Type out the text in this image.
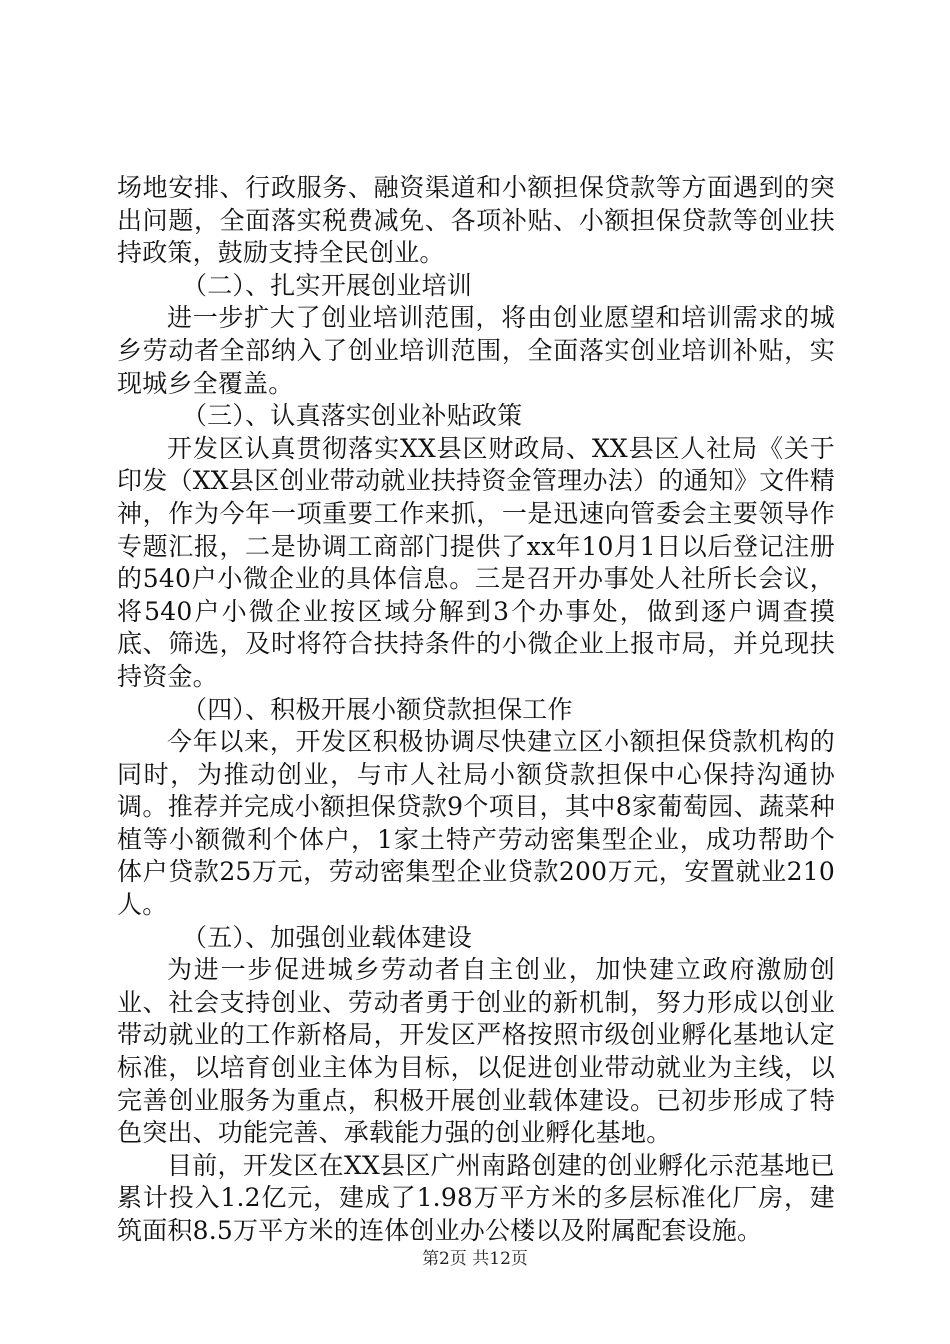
场地安排、行政服务、融资渠道和小额担保贷款等方面遇到的突出问题，全面落实税费减免、各项补贴、小额担保贷款等创业扶持政策，鼓励支持全民创业。

（二）、扎实开展创业培训

进一步扩大了创业培训范围，将由创业愿望和培训需求的城乡劳动者全部纳入了创业培训范围，全面落实创业培训补贴，实现城乡全覆盖。

（三）、认真落实创业补贴政策

开发区认真贯彻落实XX县区财政局、XX县区人社局《关于印发（XX县区创业带动就业扶持资金管理办法）的通知》文件精神，作为今年一项重要工作来抓，一是迅速向管委会主要领导作专题汇报，二是协调工商部门提供了xx年10月1日以后登记注册的540户小微企业的具体信息。三是召开办事处人社所长会议，将540户小微企业按区域分解到3个办事处，做到逐户调查摸底、筛选，及时将符合扶持条件的小微企业上报市局，并兑现扶持资金。

（四）、积极开展小额贷款担保工作

今年以来，开发区积极协调尽快建立区小额担保贷款机构的同时，为推动创业，与市人社局小额贷款担保中心保持沟通协调。推荐并完成小额担保贷款9个项目，其中8家葡萄园、蔬菜种植等小额微利个体户，1家土特产劳动密集型企业，成功帮助个体户贷款25万元，劳动密集型企业贷款200万元，安置就业210人。

（五）、加强创业载体建设

为进一步促进城乡劳动者自主创业，加快建立政府激励创业、社会支持创业、劳动者勇于创业的新机制，努力形成以创业带动就业的工作新格局，开发区严格按照市级创业孵化基地认定标准，以培育创业主体为目标，以促进创业带动就业为主线，以完善创业服务为重点，积极开展创业载体建设。已初步形成了特色突出、功能完善、承载能力强的创业孵化基地。

目前，开发区在XX县区广州南路创建的创业孵化示范基地已累计投入1.2亿元，建成了1.98万平方米的多层标准化厂房，建筑面积8.5万平方米的连体创业办公楼以及附属配套设施。

第2页 共12页
